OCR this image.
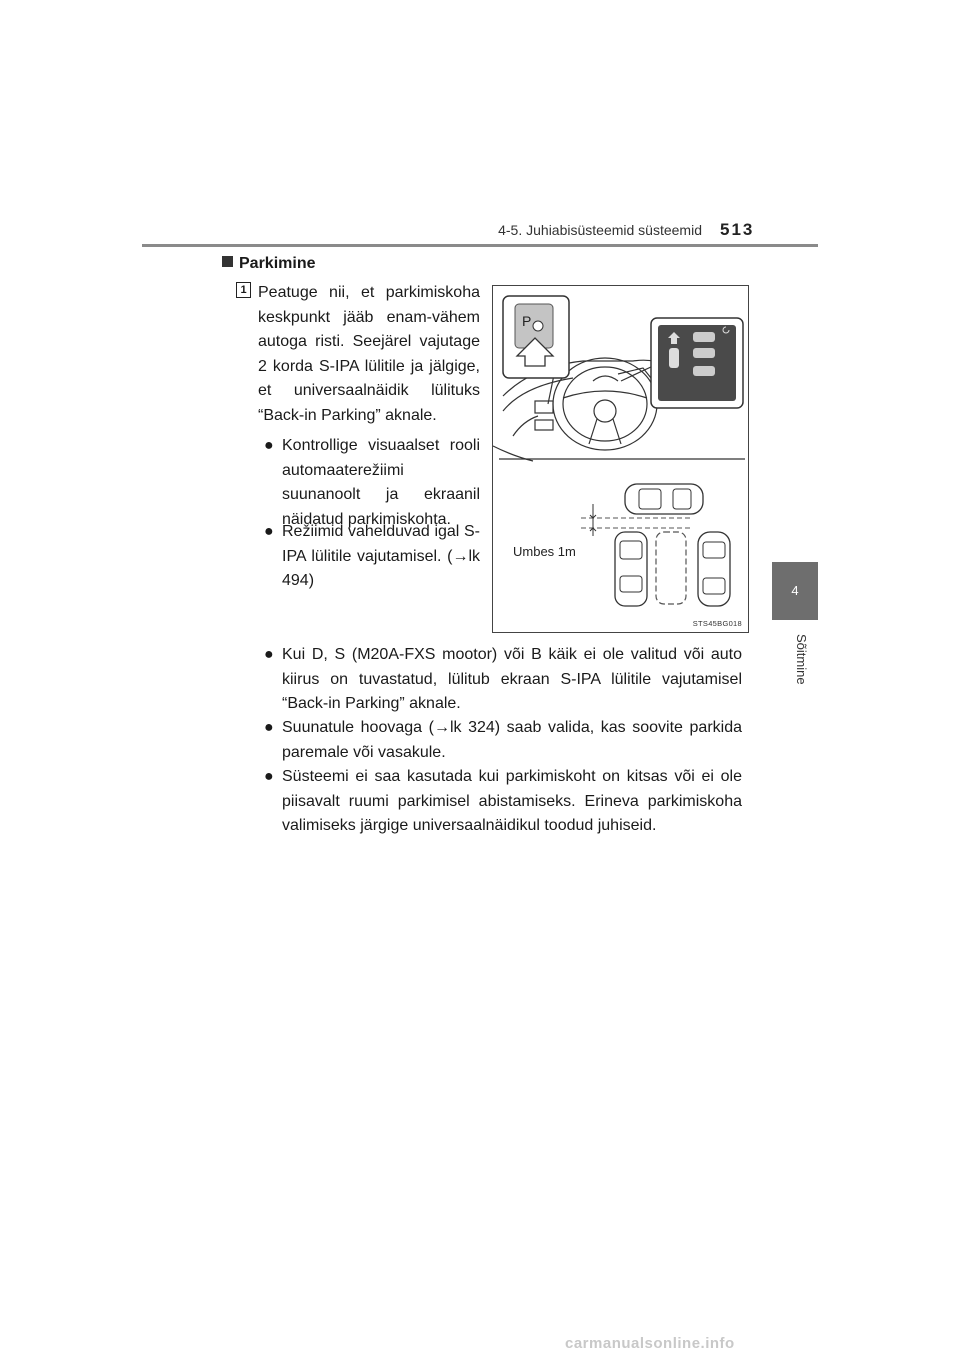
4-5. Juhiabisüsteemid süsteemid 513
4
Sõitmine
Parkimine
1 Peatuge nii, et parkimiskoha keskpunkt jääb enam-vähem autoga risti. Seejärel vajutage 2 korda S-IPA lülitile ja jälgige, et universaalnäidik lülituks “Back-in Parking” aknale.

● Kontrollige visuaalset rooli automaaterežiimi suunanoolt ja ekraanil näidatud parkimiskohta.
● Režiimid vahelduvad igal S-IPA lülitile vajutamisel. (→lk 494)
● Kui D, S (M20A-FXS mootor) või B käik ei ole valitud või auto kiirus on tuvastatud, lülitub ekraan S-IPA lülitile vajutamisel “Back-in Parking” aknale.
● Suunatule hoovaga (→lk 324) saab valida, kas soovite parkida paremale või vasakule.
● Süsteemi ei saa kasutada kui parkimiskoht on kitsas või ei ole piisavalt ruumi parkimisel abistamiseks. Erineva parkimiskoha valimiseks järgige universaalnäidikul toodud juhiseid.
P
Umbes 1m
STS45BG018
carmanualsonline.info
